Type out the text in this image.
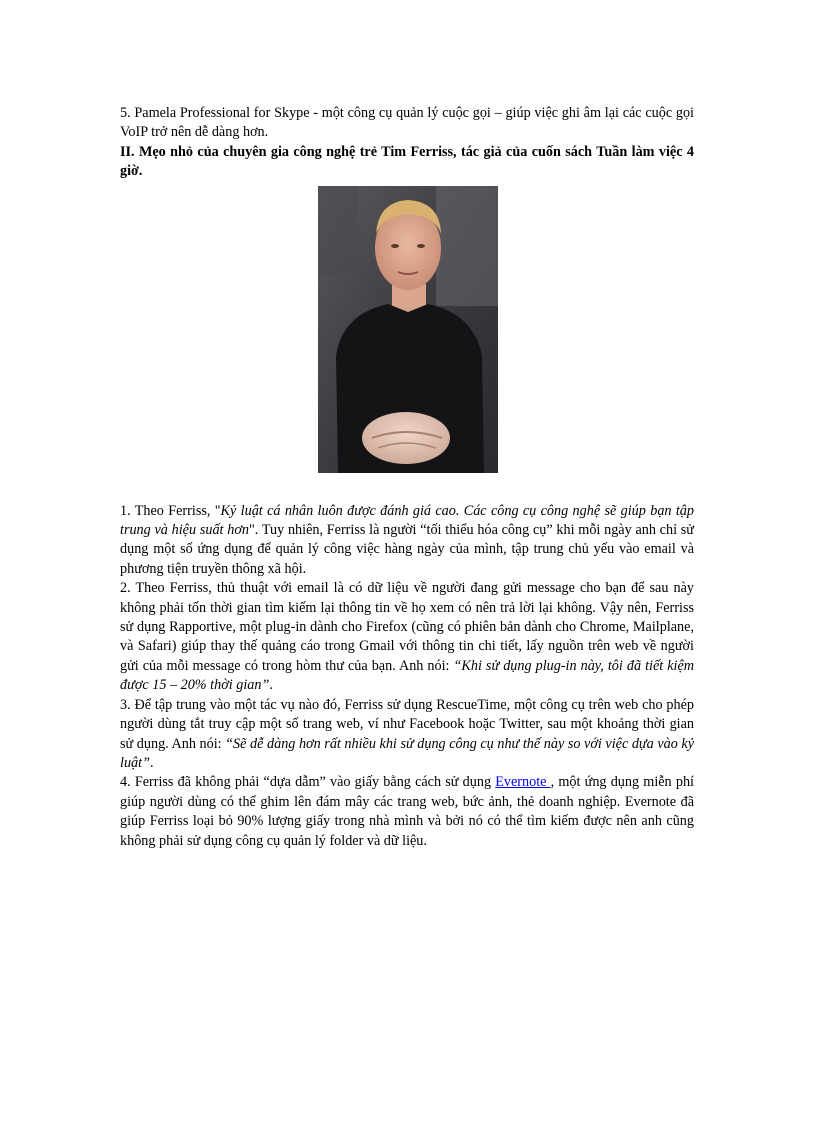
5. Pamela Professional for Skype - một công cụ quản lý cuộc gọi – giúp việc ghi âm lại các cuộc gọi VoIP trở nên dễ dàng hơn.

II. Mẹo nhỏ của chuyên gia công nghệ trẻ Tim Ferriss, tác giả của cuốn sách Tuần làm việc 4 giờ.

1. Theo Ferriss, "Kỷ luật cá nhân luôn được đánh giá cao. Các công cụ công nghệ sẽ giúp bạn tập trung và hiệu suất hơn". Tuy nhiên, Ferriss là người “tối thiểu hóa công cụ” khi mỗi ngày anh chỉ sử dụng một số ứng dụng để quản lý công việc hàng ngày của mình, tập trung chủ yếu vào email và phương tiện truyền thông xã hội.

2. Theo Ferriss, thủ thuật với email là có dữ liệu về người đang gửi message cho bạn để sau này không phải tốn thời gian tìm kiếm lại thông tin về họ xem có nên trả lời lại không. Vậy nên, Ferriss sử dụng Rapportive, một plug-in dành cho Firefox (cũng có phiên bản dành cho Chrome, Mailplane, và Safari) giúp thay thế quảng cáo trong Gmail với thông tin chi tiết, lấy nguồn trên web về người gửi của mỗi message có trong hòm thư của bạn. Anh nói: “Khi sử dụng plug-in này, tôi đã tiết kiệm được 15 – 20% thời gian”.

3. Để tập trung vào một tác vụ nào đó, Ferriss sử dụng RescueTime, một công cụ trên web cho phép người dùng tắt truy cập một số trang web, ví như Facebook hoặc Twitter, sau một khoảng thời gian sử dụng. Anh nói: “Sẽ dễ dàng hơn rất nhiều khi sử dụng công cụ như thế này so với việc dựa vào kỷ luật”.

4. Ferriss đã không phải “dựa dẫm” vào giấy bằng cách sử dụng Evernote , một ứng dụng miễn phí giúp người dùng có thể ghim lên đám mây các trang web, bức ảnh, thẻ doanh nghiệp. Evernote đã giúp Ferriss loại bỏ 90% lượng giấy trong nhà mình và bởi nó có thể tìm kiếm được nên anh cũng không phải sử dụng công cụ quản lý folder và dữ liệu.
